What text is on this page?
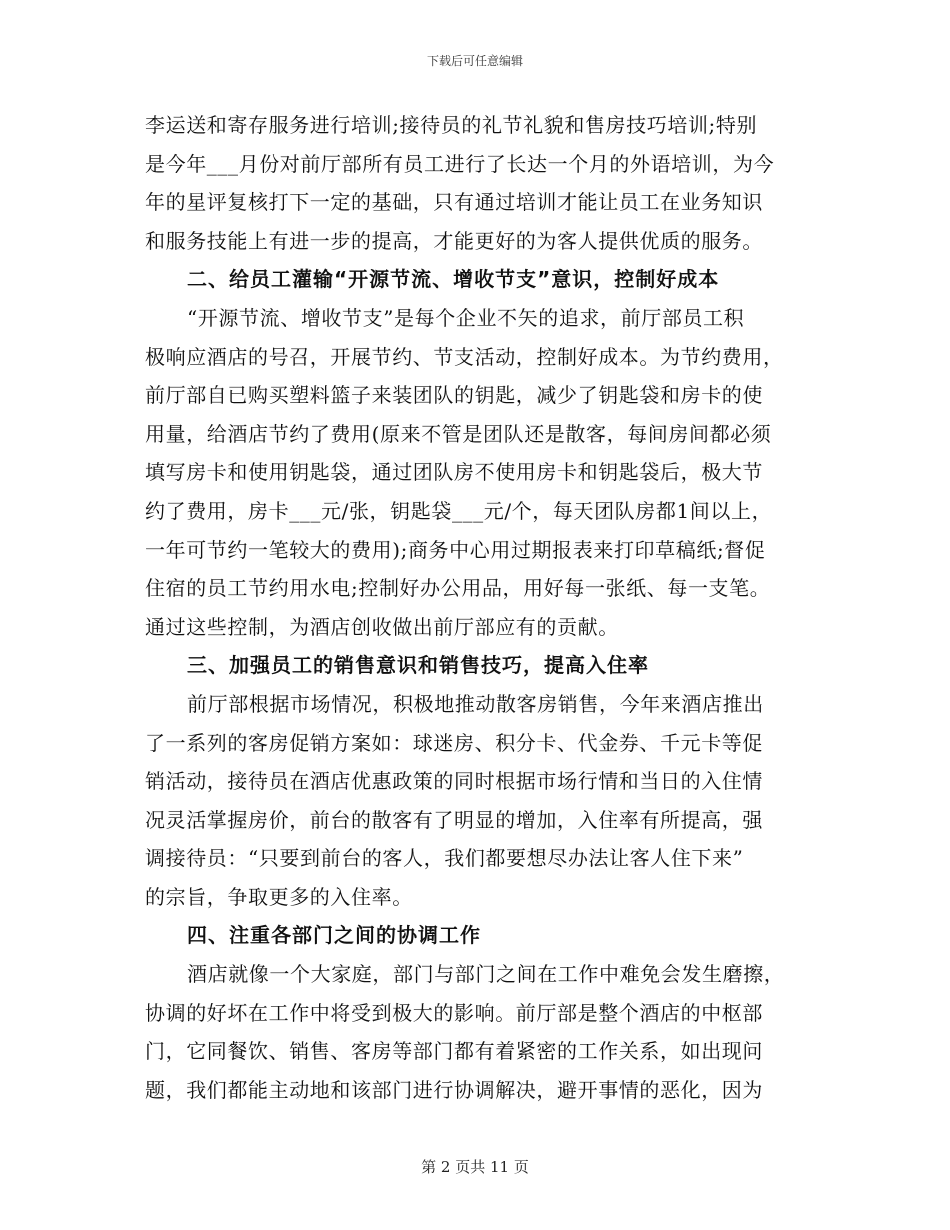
下载后可任意编辑
李运送和寄存服务进行培训;接待员的礼节礼貌和售房技巧培训;特别
是今年___月份对前厅部所有员工进行了长达一个月的外语培训，为今
年的星评复核打下一定的基础，只有通过培训才能让员工在业务知识
和服务技能上有进一步的提高，才能更好的为客人提供优质的服务。
二、给员工灌输“开源节流、增收节支”意识，控制好成本
“开源节流、增收节支”是每个企业不矢的追求，前厅部员工积
极响应酒店的号召，开展节约、节支活动，控制好成本。为节约费用，
前厅部自已购买塑料篮子来装团队的钥匙，减少了钥匙袋和房卡的使
用量，给酒店节约了费用(原来不管是团队还是散客，每间房间都必须
填写房卡和使用钥匙袋，通过团队房不使用房卡和钥匙袋后，极大节
约了费用，房卡___元/张，钥匙袋___元/个，每天团队房都1间以上，
一年可节约一笔较大的费用);商务中心用过期报表来打印草稿纸;督促
住宿的员工节约用水电;控制好办公用品，用好每一张纸、每一支笔。
通过这些控制，为酒店创收做出前厅部应有的贡献。
三、加强员工的销售意识和销售技巧，提高入住率
前厅部根据市场情况，积极地推动散客房销售，今年来酒店推出
了一系列的客房促销方案如：球迷房、积分卡、代金券、千元卡等促
销活动，接待员在酒店优惠政策的同时根据市场行情和当日的入住情
况灵活掌握房价，前台的散客有了明显的增加，入住率有所提高，强
调接待员：“只要到前台的客人，我们都要想尽办法让客人住下来”
的宗旨，争取更多的入住率。
四、注重各部门之间的协调工作
酒店就像一个大家庭，部门与部门之间在工作中难免会发生磨擦，
协调的好坏在工作中将受到极大的影响。前厅部是整个酒店的中枢部
门，它同餐饮、销售、客房等部门都有着紧密的工作关系，如出现问
题，我们都能主动地和该部门进行协调解决，避开事情的恶化，因为
第 2 页共 11 页
